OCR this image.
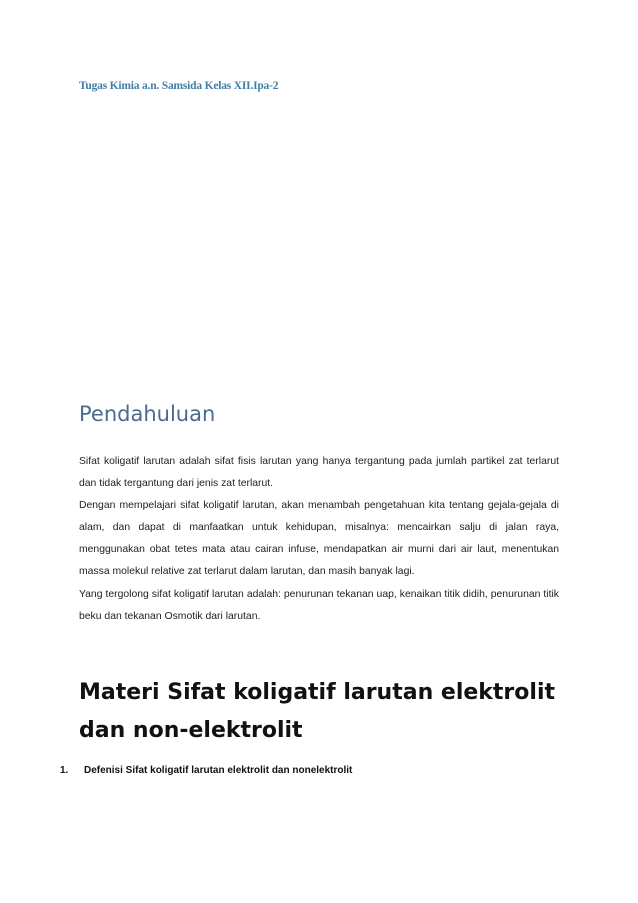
Tugas Kimia a.n. Samsida Kelas XII.Ipa-2
Pendahuluan

Sifat koligatif larutan adalah sifat fisis larutan yang hanya tergantung pada jumlah partikel zat terlarut dan tidak tergantung dari jenis zat terlarut.

Dengan mempelajari sifat koligatif larutan, akan menambah pengetahuan kita tentang gejala-gejala di alam, dan dapat di manfaatkan untuk kehidupan, misalnya: mencairkan salju di jalan raya, menggunakan obat tetes mata atau cairan infuse, mendapatkan air murni dari air laut, menentukan massa molekul relative zat terlarut dalam larutan, dan masih banyak lagi.

Yang tergolong sifat koligatif larutan adalah: penurunan tekanan uap, kenaikan titik didih, penurunan titik beku dan tekanan Osmotik dari larutan.

Materi Sifat koligatif larutan elektrolit dan non-elektrolit
1. Defenisi Sifat koligatif larutan elektrolit dan nonelektrolit
